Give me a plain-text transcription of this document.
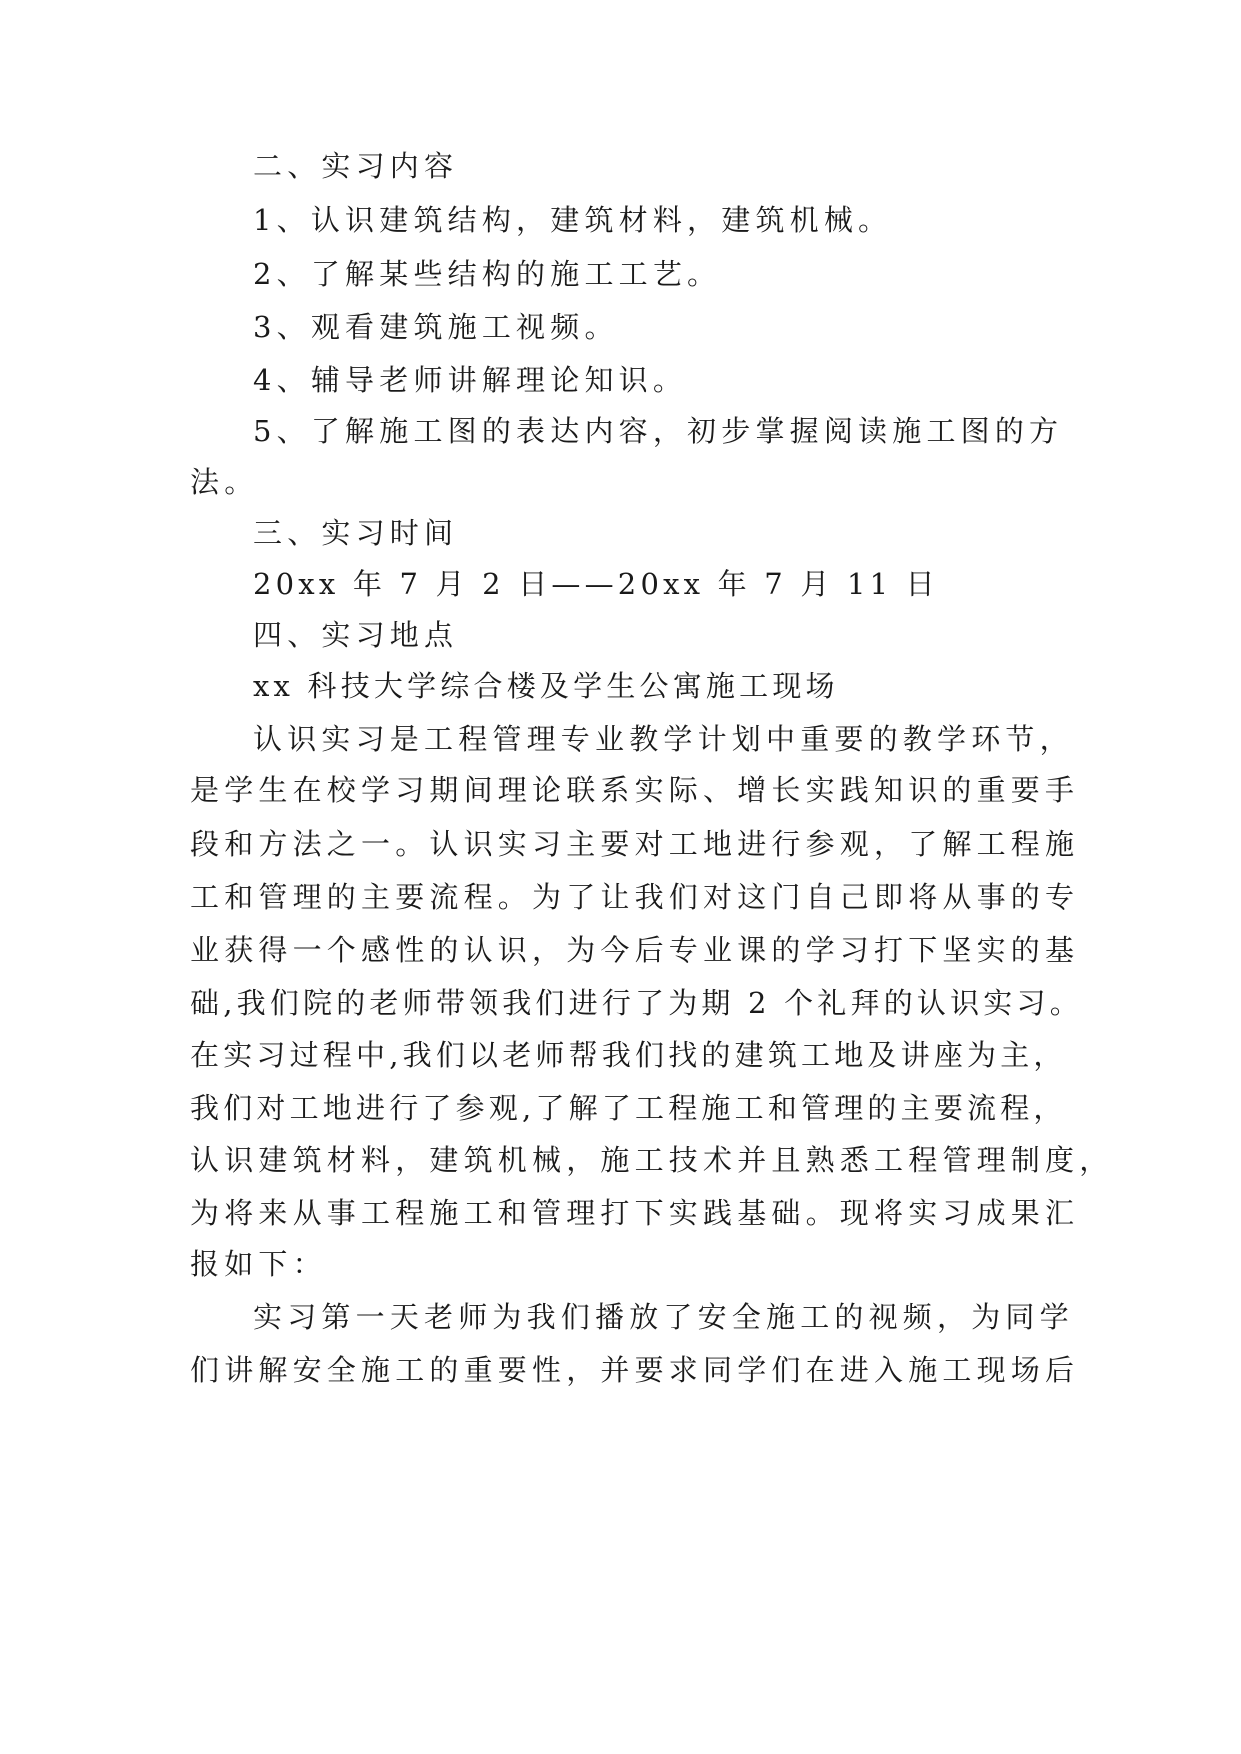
二、实习内容
1、认识建筑结构，建筑材料，建筑机械。
2、了解某些结构的施工工艺。
3、观看建筑施工视频。
4、辅导老师讲解理论知识。
5、了解施工图的表达内容，初步掌握阅读施工图的方
法。
三、实习时间
20xx 年 7 月 2 日——20xx 年 7 月 11 日
四、实习地点
xx 科技大学综合楼及学生公寓施工现场
认识实习是工程管理专业教学计划中重要的教学环节，
是学生在校学习期间理论联系实际、增长实践知识的重要手
段和方法之一。认识实习主要对工地进行参观，了解工程施
工和管理的主要流程。为了让我们对这门自己即将从事的专
业获得一个感性的认识，为今后专业课的学习打下坚实的基
础,我们院的老师带领我们进行了为期 2 个礼拜的认识实习。
在实习过程中,我们以老师帮我们找的建筑工地及讲座为主，
我们对工地进行了参观,了解了工程施工和管理的主要流程，
认识建筑材料，建筑机械，施工技术并且熟悉工程管理制度，
为将来从事工程施工和管理打下实践基础。现将实习成果汇
报如下：
实习第一天老师为我们播放了安全施工的视频，为同学
们讲解安全施工的重要性，并要求同学们在进入施工现场后
